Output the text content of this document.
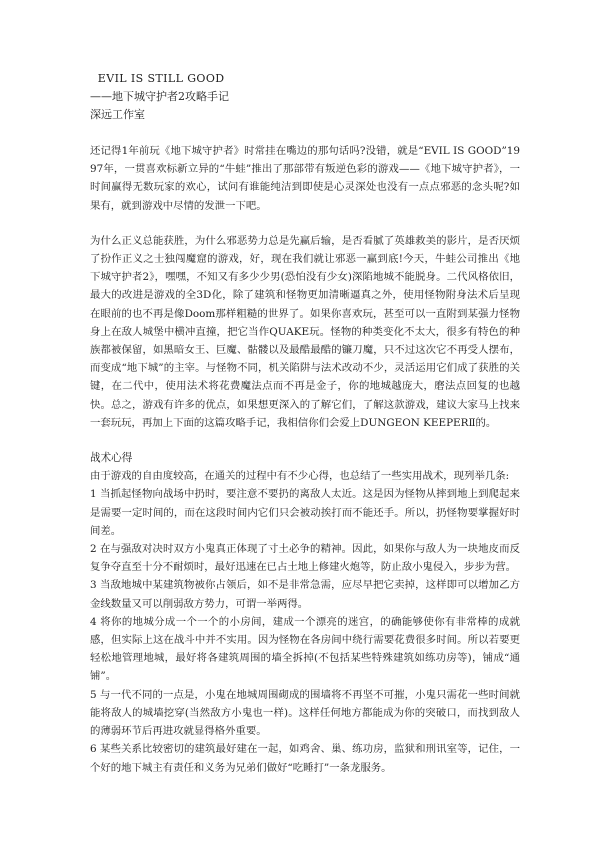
EVIL IS STILL GOOD

——地下城守护者2攻略手记

深远工作室

还记得1年前玩《地下城守护者》时常挂在嘴边的那句话吗?没错，就是“EVIL IS GOOD”1997年，一贯喜欢标新立异的“牛蛙”推出了那部带有叛逆色彩的游戏——《地下城守护者》，一时间赢得无数玩家的欢心，试问有谁能纯洁到即使是心灵深处也没有一点点邪恶的念头呢?如果有，就到游戏中尽情的发泄一下吧。

为什么正义总能获胜，为什么邪恶势力总是先赢后输，是否看腻了英雄救美的影片，是否厌烦了扮作正义之士独闯魔窟的游戏，好，现在我们就让邪恶一赢到底!今天，牛蛙公司推出《地下城守护者2》，嘿嘿，不知又有多少少男(恐怕没有少女)深陷地城不能脱身。二代风格依旧，最大的改进是游戏的全3D化，除了建筑和怪物更加清晰逼真之外，使用怪物附身法术后呈现在眼前的也不再是像Doom那样粗糙的世界了。如果你喜欢玩，甚至可以一直附到某强力怪物身上在敌人城堡中横冲直撞，把它当作QUAKE玩。怪物的种类变化不太大，很多有特色的种族都被保留，如黑暗女王、巨魔、骷髅以及最酷最酷的镰刀魔，只不过这次它不再受人摆布，而变成“地下城”的主宰。与怪物不同，机关陷阱与法术改动不少，灵活运用它们成了获胜的关键，在二代中，使用法术将花费魔法点而不再是金子，你的地城越庞大，磨法点回复的也越快。总之，游戏有许多的优点，如果想更深入的了解它们，了解这款游戏，建议大家马上找来一套玩玩，再加上下面的这篇攻略手记，我相信你们会爱上DUNGEON KEEPERⅡ的。

战术心得

由于游戏的自由度较高，在通关的过程中有不少心得，也总结了一些实用战术，现列举几条:

1 当抓起怪物向战场中扔时，要注意不要扔的离敌人太近。这是因为怪物从摔到地上到爬起来是需要一定时间的，而在这段时间内它们只会被动挨打而不能还手。所以，扔怪物要掌握好时间差。

2 在与强敌对决时双方小鬼真正体现了寸土必争的精神。因此，如果你与敌人为一块地皮而反复争夺直至十分不耐烦时，最好迅速在已占土地上修建火炮等，防止敌小鬼侵入，步步为营。

3 当敌地城中某建筑物被你占领后，如不是非常急需，应尽早把它卖掉，这样即可以增加乙方金线数量又可以削弱敌方势力，可谓一举两得。

4 将你的地城分成一个一个的小房间，建成一个漂亮的迷宫，的确能够使你有非常棒的成就感，但实际上这在战斗中并不实用。因为怪物在各房间中绕行需要花费很多时间。所以若要更轻松地管理地城，最好将各建筑周围的墙全拆掉(不包括某些特殊建筑如练功房等)，铺成“通铺”。

5 与一代不同的一点是，小鬼在地城周围砌成的围墙将不再坚不可摧，小鬼只需花一些时间就能将敌人的城墙挖穿(当然敌方小鬼也一样)。这样任何地方都能成为你的突破口，而找到敌人的薄弱环节后再进攻就显得格外重要。

6 某些关系比较密切的建筑最好建在一起，如鸡舍、巢、练功房，监狱和刑讯室等，记住，一个好的地下城主有责任和义务为兄弟们做好“吃睡打”一条龙服务。
